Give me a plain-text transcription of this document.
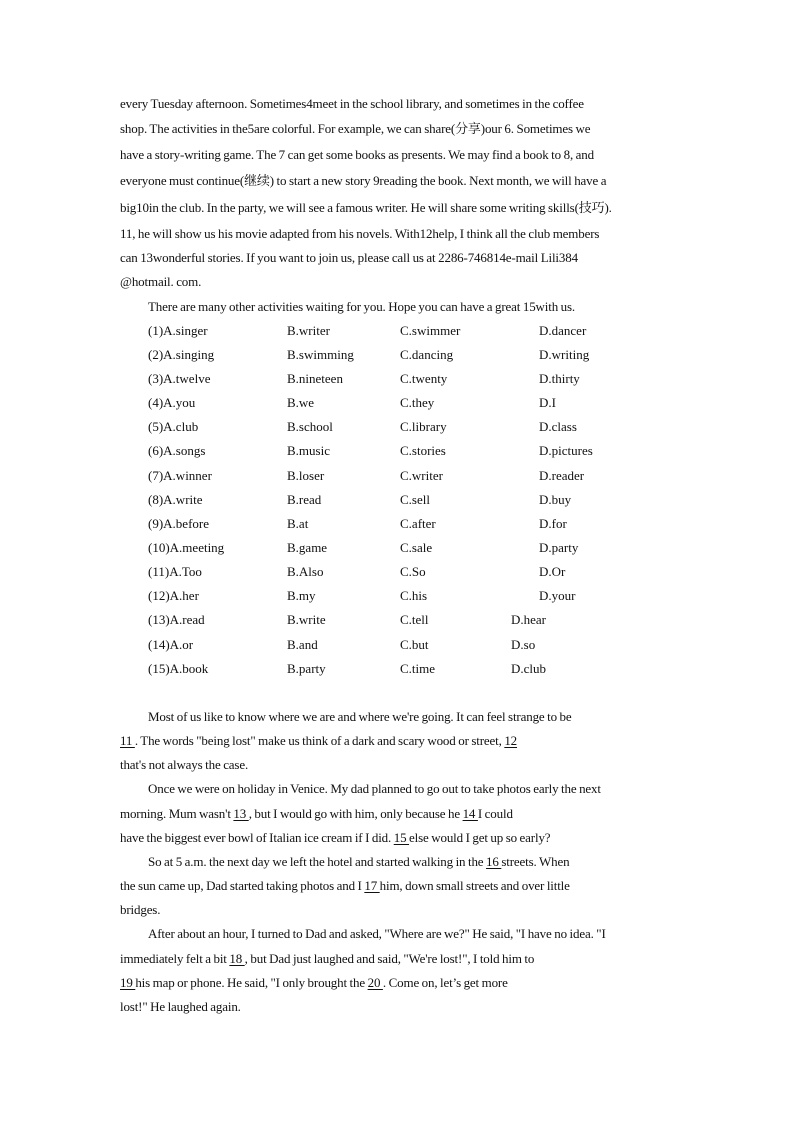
every Tuesday afternoon. Sometimes4meet in the school library, and sometimes in the coffee
shop. The activities in the5are colorful. For example, we can share(分享)our 6. Sometimes we
have a story-writing game. The 7 can get some books as presents. We may find a book to 8, and
everyone must continue(继续) to start a new story 9reading the book. Next month, we will have a
big10in the club. In the party, we will see a famous writer. He will share some writing skills(技巧).
11, he will show us his movie adapted from his novels. With12help, I think all the club members
can 13wonderful stories. If you want to join us, please call us at 2286-746814e-mail Lili384
@hotmail. com.
There are many other activities waiting for you. Hope you can have a great 15with us.
(1)A.singer	B.writer	C.swimmer	D.dancer
(2)A.singing	B.swimming	C.dancing	D.writing
(3)A.twelve	B.nineteen	C.twenty	D.thirty
(4)A.you	B.we	C.they	D.I
(5)A.club	B.school	C.library	D.class
(6)A.songs	B.music	C.stories	D.pictures
(7)A.winner	B.loser	C.writer	D.reader
(8)A.write	B.read	C.sell	D.buy
(9)A.before	B.at	C.after	D.for
(10)A.meeting	B.game	C.sale	D.party
(11)A.Too	B.Also	C.So	D.Or
(12)A.her	B.my	C.his	D.your
(13)A.read	B.write	C.tell	D.hear
(14)A.or	B.and	C.but	D.so
(15)A.book	B.party	C.time	D.club
Most of us like to know where we are and where we're going. It can feel strange to be
11 . The words "being lost" make us think of a dark and scary wood or street, 12
that's not always the case.
Once we were on holiday in Venice. My dad planned to go out to take photos early the next
morning. Mum wasn't 13 , but I would go with him, only because he 14 I could
have the biggest ever bowl of Italian ice cream if I did. 15 else would I get up so early?
So at 5 a.m. the next day we left the hotel and started walking in the 16 streets. When
the sun came up, Dad started taking photos and I 17 him, down small streets and over little
bridges.
After about an hour, I turned to Dad and asked, "Where are we?" He said, "I have no idea. "I
immediately felt a bit 18 , but Dad just laughed and said, "We're lost!", I told him to
19 his map or phone. He said, "I only brought the 20 . Come on, let’s get more
lost!" He laughed again.
